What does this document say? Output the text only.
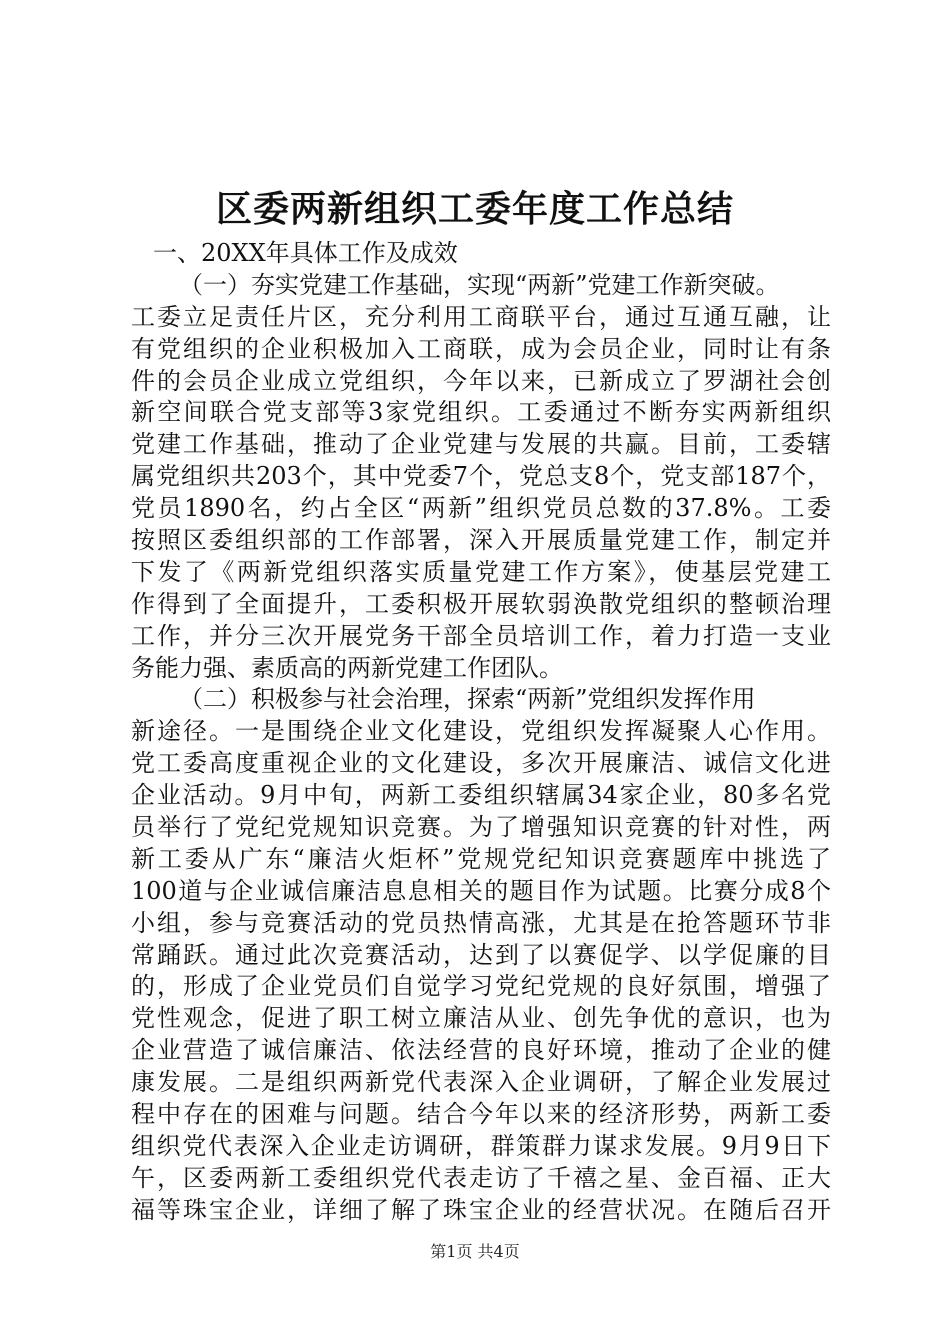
区委两新组织工委年度工作总结

一、20XX年具体工作及成效

（一）夯实党建工作基础，实现“两新”党建工作新突破。

工委立足责任片区，充分利用工商联平台，通过互通互融，让

有党组织的企业积极加入工商联，成为会员企业，同时让有条

件的会员企业成立党组织，今年以来，已新成立了罗湖社会创

新空间联合党支部等3家党组织。工委通过不断夯实两新组织

党建工作基础，推动了企业党建与发展的共赢。目前，工委辖

属党组织共203个，其中党委7个，党总支8个，党支部187个，

党员1890名，约占全区“两新”组织党员总数的37.8%。工委

按照区委组织部的工作部署，深入开展质量党建工作，制定并

下发了《两新党组织落实质量党建工作方案》，使基层党建工

作得到了全面提升，工委积极开展软弱涣散党组织的整顿治理

工作，并分三次开展党务干部全员培训工作，着力打造一支业

务能力强、素质高的两新党建工作团队。

（二）积极参与社会治理，探索“两新”党组织发挥作用

新途径。一是围绕企业文化建设，党组织发挥凝聚人心作用。

党工委高度重视企业的文化建设，多次开展廉洁、诚信文化进

企业活动。9月中旬，两新工委组织辖属34家企业，80多名党

员举行了党纪党规知识竞赛。为了增强知识竞赛的针对性，两

新工委从广东“廉洁火炬杯”党规党纪知识竞赛题库中挑选了

100道与企业诚信廉洁息息相关的题目作为试题。比赛分成8个

小组，参与竞赛活动的党员热情高涨，尤其是在抢答题环节非

常踊跃。通过此次竞赛活动，达到了以赛促学、以学促廉的目

的，形成了企业党员们自觉学习党纪党规的良好氛围，增强了

党性观念，促进了职工树立廉洁从业、创先争优的意识，也为

企业营造了诚信廉洁、依法经营的良好环境，推动了企业的健

康发展。二是组织两新党代表深入企业调研，了解企业发展过

程中存在的困难与问题。结合今年以来的经济形势，两新工委

组织党代表深入企业走访调研，群策群力谋求发展。9月9日下

午，区委两新工委组织党代表走访了千禧之星、金百福、正大

福等珠宝企业，详细了解了珠宝企业的经营状况。在随后召开

第1页 共4页
